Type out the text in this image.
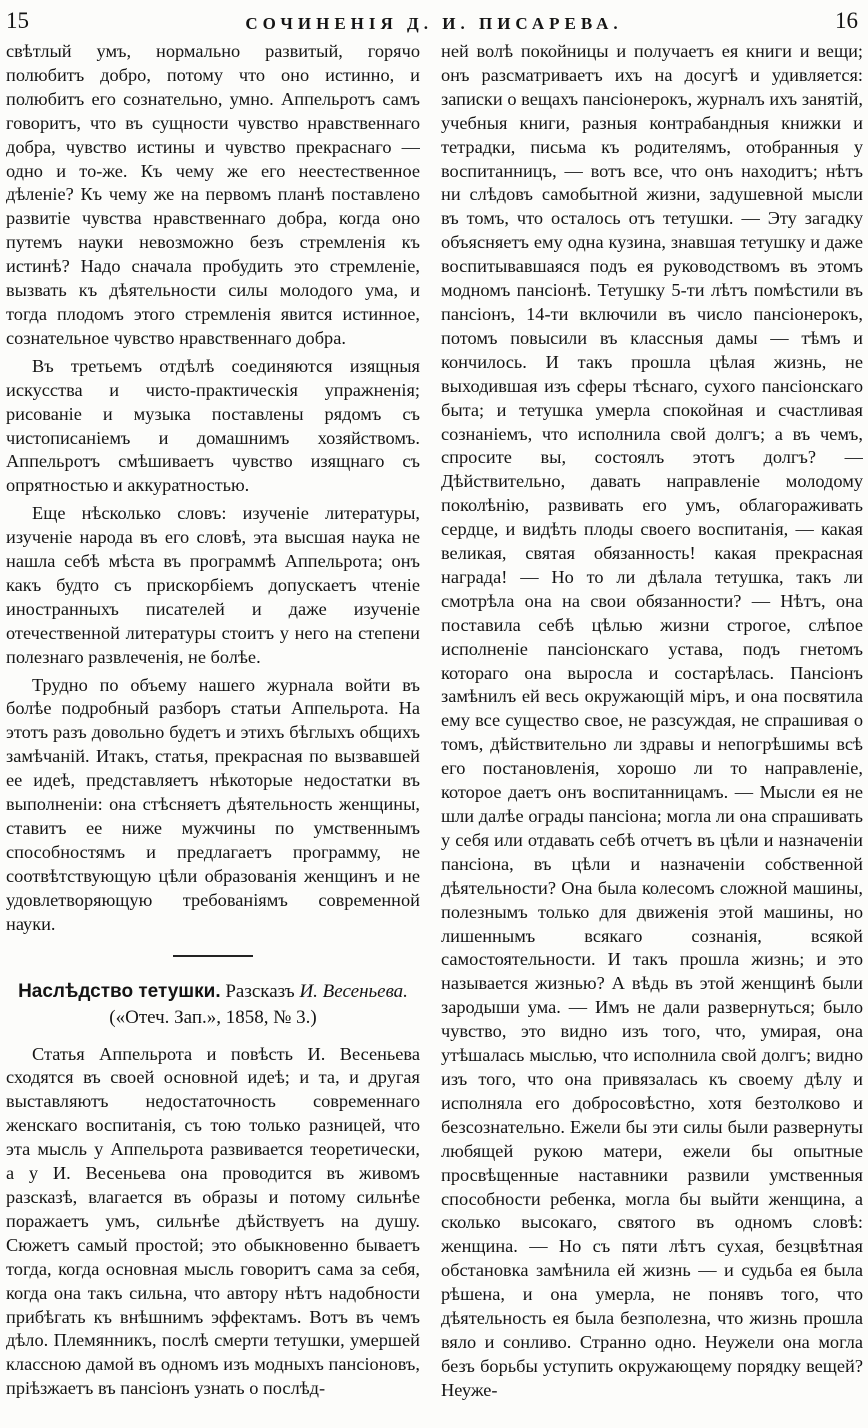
15	СОЧИНЕНІЯ Д. И. ПИСАРЕВА.	16

свѣтлый умъ, нормально развитый, горячо полюбитъ добро, потому что оно истинно, и полюбитъ его сознательно, умно. Аппельротъ самъ говоритъ, что въ сущности чувство нравственнаго добра, чувство истины и чувство прекраснаго — одно и то-же. Къ чему же его неестественное дѣленіе? Къ чему же на первомъ планѣ поставлено развитіе чувства нравственнаго добра, когда оно путемъ науки невозможно безъ стремленія къ истинѣ? Надо сначала пробудить это стремленіе, вызвать къ дѣятельности силы молодого ума, и тогда плодомъ этого стремленія явится истинное, сознательное чувство нравственнаго добра.

Въ третьемъ отдѣлѣ соединяются изящныя искусства и чисто-практическія упражненія; рисованіе и музыка поставлены рядомъ съ чистописаніемъ и домашнимъ хозяйствомъ. Аппельротъ смѣшиваетъ чувство изящнаго съ опрятностью и аккуратностью.

Еще нѣсколько словъ: изученіе литературы, изученіе народа въ его словѣ, эта высшая наука не нашла себѣ мѣста въ программѣ Аппельрота; онъ какъ будто съ прискорбіемъ допускаетъ чтеніе иностранныхъ писателей и даже изученіе отечественной литературы стоитъ у него на степени полезнаго развлеченія, не болѣе.

Трудно по объему нашего журнала войти въ болѣе подробный разборъ статьи Аппельрота. На этотъ разъ довольно будетъ и этихъ бѣглыхъ общихъ замѣчаній. Итакъ, статья, прекрасная по вызвавшей ее идеѣ, представляетъ нѣкоторые недостатки въ выполненіи: она стѣсняетъ дѣятельность женщины, ставитъ ее ниже мужчины по умственнымъ способностямъ и предлагаетъ программу, не соотвѣтствующую цѣли образованія женщинъ и не удовлетворяющую требованіямъ современной науки.

Наслѣдство тетушки. Разсказъ И. Весеньева.
(«Отеч. Зап.», 1858, № 3.)

Статья Аппельрота и повѣсть И. Весеньева сходятся въ своей основной идеѣ; и та, и другая выставляютъ недостаточность современнаго женскаго воспитанія, съ тою только разницей, что эта мысль у Аппельрота развивается теоретически, а у И. Весеньева она проводится въ живомъ разсказѣ, влагается въ образы и потому сильнѣе поражаетъ умъ, сильнѣе дѣйствуетъ на душу. Сюжетъ самый простой; это обыкновенно бываетъ тогда, когда основная мысль говоритъ сама за себя, когда она такъ сильна, что автору нѣтъ надобности прибѣгать къ внѣшнимъ эффектамъ. Вотъ въ чемъ дѣло. Племянникъ, послѣ смерти тетушки, умершей классною дамой въ одномъ изъ модныхъ пансіоновъ, пріѣзжаетъ въ пансіонъ узнать о послѣд-

ней волѣ покойницы и получаетъ ея книги и вещи; онъ разсматриваетъ ихъ на досугѣ и удивляется: записки о вещахъ пансіонерокъ, журналъ ихъ занятій, учебныя книги, разныя контрабандныя книжки и тетрадки, письма къ родителямъ, отобранныя у воспитанницъ, — вотъ все, что онъ находитъ; нѣтъ ни слѣдовъ самобытной жизни, задушевной мысли въ томъ, что осталось отъ тетушки. — Эту загадку объясняетъ ему одна кузина, знавшая тетушку и даже воспитывавшаяся подъ ея руководствомъ въ этомъ модномъ пансіонѣ. Тетушку 5-ти лѣтъ помѣстили въ пансіонъ, 14-ти включили въ число пансіонерокъ, потомъ повысили въ классныя дамы — тѣмъ и кончилось. И такъ прошла цѣлая жизнь, не выходившая изъ сферы тѣснаго, сухого пансіонскаго быта; и тетушка умерла спокойная и счастливая сознаніемъ, что исполнила свой долгъ; а въ чемъ, спросите вы, состоялъ этотъ долгъ? — Дѣйствительно, давать направленіе молодому поколѣнію, развивать его умъ, облагораживать сердце, и видѣть плоды своего воспитанія, — какая великая, святая обязанность! какая прекрасная награда! — Но то ли дѣлала тетушка, такъ ли смотрѣла она на свои обязанности? — Нѣтъ, она поставила себѣ цѣлью жизни строгое, слѣпое исполненіе пансіонскаго устава, подъ гнетомъ котораго она выросла и состарѣлась. Пансіонъ замѣнилъ ей весь окружающій міръ, и она посвятила ему все существо свое, не разсуждая, не спрашивая о томъ, дѣйствительно ли здравы и непогрѣшимы всѣ его постановленія, хорошо ли то направленіе, которое даетъ онъ воспитанницамъ. — Мысли ея не шли далѣе ограды пансіона; могла ли она спрашивать у себя или отдавать себѣ отчетъ въ цѣли и назначеніи пансіона, въ цѣли и назначеніи собственной дѣятельности? Она была колесомъ сложной машины, полезнымъ только для движенія этой машины, но лишеннымъ всякаго сознанія, всякой самостоятельности. И такъ прошла жизнь; и это называется жизнью? А вѣдь въ этой женщинѣ были зародыши ума. — Имъ не дали развернуться; было чувство, это видно изъ того, что, умирая, она утѣшалась мыслью, что исполнила свой долгъ; видно изъ того, что она привязалась къ своему дѣлу и исполняла его добросовѣстно, хотя безтолково и безсознательно. Ежели бы эти силы были развернуты любящей рукою матери, ежели бы опытные просвѣщенные наставники развили умственныя способности ребенка, могла бы выйти женщина, а сколько высокаго, святого въ одномъ словѣ: женщина. — Но съ пяти лѣтъ сухая, безцвѣтная обстановка замѣнила ей жизнь — и судьба ея была рѣшена, и она умерла, не понявъ того, что дѣятельность ея была безполезна, что жизнь прошла вяло и сонливо. Странно одно. Неужели она могла безъ борьбы уступить окружающему порядку вещей? Неуже-
